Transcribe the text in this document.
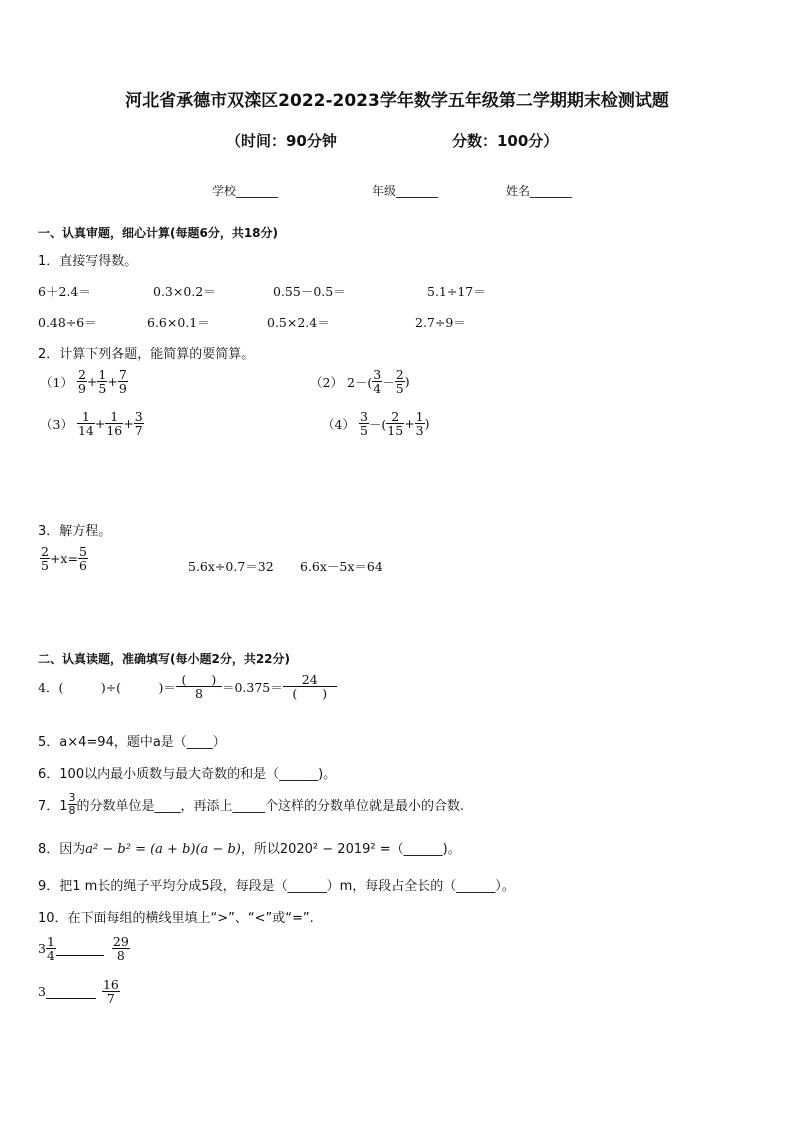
河北省承德市双滦区2022-2023学年数学五年级第二学期期末检测试题
（时间：90分钟	分数：100分）
学校_______	年级_______	姓名_______
一、认真审题，细心计算(每题6分，共18分)
1．直接写得数。
6＋2.4＝	0.3×0.2＝	0.55－0.5＝	5.1÷17＝
0.48÷6＝	6.6×0.1＝	0.5×2.4＝	2.7÷9＝
2．计算下列各题，能简算的要简算。
$(1) \frac{2}{9} + \frac{1}{5} + \frac{7}{9}$	（2） $2-( \frac{3}{4} - \frac{2}{5}$ )
$(3) \frac{1}{14} + \frac{1}{16} + \frac{3}{7}$	$(4) \frac{3}{5}$ －( $\frac{2}{15} + \frac{1}{3}$ )
3．解方程。
$\frac{2}{5} +x= \frac{5}{6}$	5.6x÷0.7＝32 6.6x－5x＝64
二、认真读题，准确填写(每小题2分，共22分)
4．(　　　)÷(　　　)＝ $\frac{( )}{8} =0.375= \frac{24}{( )}$
5．a×4=94，题中a是（____）
6．100以内最小质数与最大奇数的和是（______)。
7．$1 \frac{3}{8}$ 的分数单位是____，再添上_____个这样的分数单位就是最小的合数.
8．因为a² − b² = (a + b)(a − b)，所以2020² − 2019² =（______)。
9．把1 m长的绳子平均分成5段，每段是（______）m，每段占全长的（______）。
10．在下面每组的横线里填上“>”、“<”或“=”.
$3 \frac{1}{4}$	$\frac{29}{8}$
3	$\frac{16}{7}$
